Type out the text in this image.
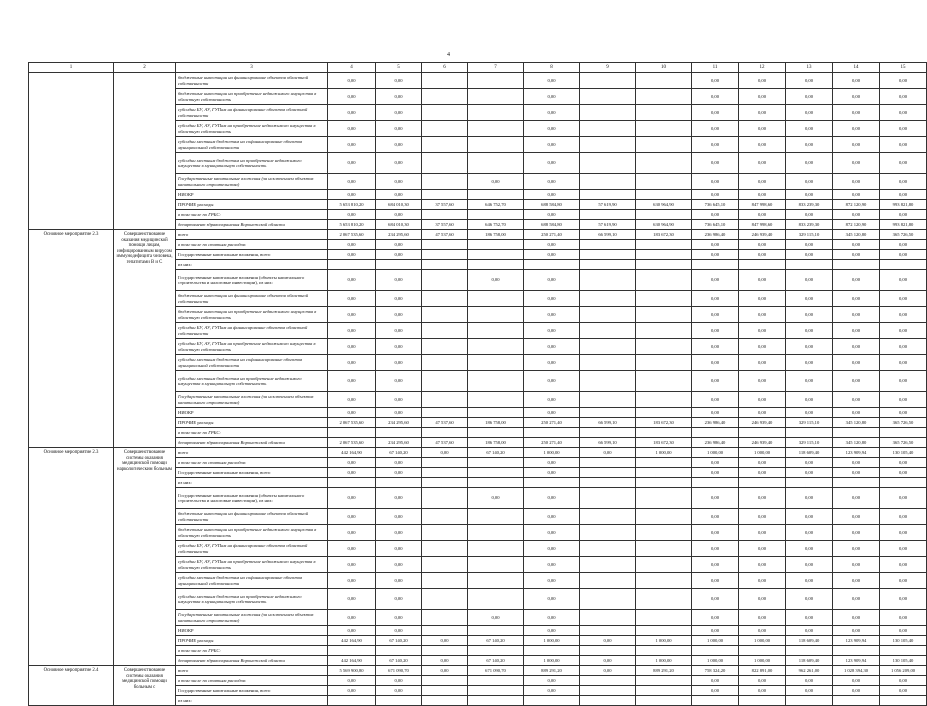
4
1	2	3	4	5	6	7	8	9	10	11	12	13	14	15
		бюджетные инвестиции на финансирование объектов областной собственности	0,00	0,00			0,00			0,00	0,00	0,00	0,00	0,00
		бюджетные инвестиции на приобретение недвижимого имущества в областную собственность	0,00	0,00			0,00			0,00	0,00	0,00	0,00	0,00
		субсидии БУ, АУ, ГУПам на финансирование объектов областной собственности	0,00	0,00			0,00			0,00	0,00	0,00	0,00	0,00
		субсидии БУ, АУ, ГУПам на приобретение недвижимого имущества в областную собственность	0,00	0,00			0,00			0,00	0,00	0,00	0,00	0,00
		субсидии местным бюджетам на софинансирование объектов муниципальной собственности	0,00	0,00			0,00			0,00	0,00	0,00	0,00	0,00
		субсидии местным бюджетам на приобретение недвижимого имущества в муниципальную собственность	0,00	0,00			0,00			0,00	0,00	0,00	0,00	0,00
		Государственные капитальные вложения (за исключением объектов капитального строительства)	0,00	0,00		0,00	0,00			0,00	0,00	0,00	0,00	0,00
		НИОКР	0,00	0,00			0,00			0,00	0,00	0,00	0,00	0,00
		ПРОЧИЕ расходы	5 653 810,20	684 010,30	37 557,60	646 752,70	688 584,80	57 619,90	630 964,90	736 645,10	847 998,60	833 239,30	872 120,90	993 821,80
		в том числе по ГРБС:	0,00	0,00			0,00			0,00	0,00	0,00	0,00	0,00
		департамент здравоохранения Воронежской области	5 653 810,20	684 010,30	37 557,60	646 752,70	688 584,80	57 619,90	630 964,90	736 645,10	847 998,60	833 239,30	872 120,90	993 821,80
Основное мероприятие 2.3	Совершенствование оказания медицинской помощи лицам, инфицированным вирусом иммунодефицита человека, гепатитами В и С	всего	2 067 535,60	234 295,60	47 537,60	186 758,00	250 271,40	66 599,10	183 672,30	236 986,40	246 939,40	329 115,10	345 120,80	365 726,50
		в том числе по статьям расходов:	0,00	0,00			0,00			0,00	0,00	0,00	0,00	0,00
		Государственные капитальные вложения, всего	0,00	0,00			0,00			0,00	0,00	0,00	0,00	0,00
		из них:												
		Государственные капитальные вложения (объекты капитального строительства и налоговые инвестиции), из них:	0,00	0,00		0,00	0,00			0,00	0,00	0,00	0,00	0,00
		бюджетные инвестиции на финансирование объектов областной собственности	0,00	0,00			0,00			0,00	0,00	0,00	0,00	0,00
		бюджетные инвестиции на приобретение недвижимого имущества в областную собственность	0,00	0,00			0,00			0,00	0,00	0,00	0,00	0,00
		субсидии БУ, АУ, ГУПам на финансирование объектов областной собственности	0,00	0,00			0,00			0,00	0,00	0,00	0,00	0,00
		субсидии БУ, АУ, ГУПам на приобретение недвижимого имущества в областную собственность	0,00	0,00			0,00			0,00	0,00	0,00	0,00	0,00
		субсидии местным бюджетам на софинансирование объектов муниципальной собственности	0,00	0,00			0,00			0,00	0,00	0,00	0,00	0,00
		субсидии местным бюджетам на приобретение недвижимого имущества в муниципальную собственность	0,00	0,00			0,00			0,00	0,00	0,00	0,00	0,00
		Государственные капитальные вложения (за исключением объектов капитального строительства)	0,00	0,00			0,00			0,00	0,00	0,00	0,00	0,00
		НИОКР	0,00	0,00			0,00			0,00	0,00	0,00	0,00	0,00
		ПРОЧИЕ расходы	2 067 535,60	234 295,60	47 537,60	186 758,00	250 271,40	66 599,10	183 672,30	236 986,40	246 939,40	329 115,10	345 120,80	365 726,50
		в том числе по ГРБС:												
		департамент здравоохранения Воронежской области	2 067 535,60	234 295,60	47 537,60	186 758,00	250 271,40	66 599,10	183 672,30	236 986,40	246 939,40	329 115,10	345 120,80	365 726,50
Основное мероприятие 2.3	Совершенствование системы оказания медицинской помощи наркологическим больным	всего	442 164,90	67 140,20	0,00	67 140,20	1 000,00	0,00	1 000,00	1 000,00	1 000,00	118 609,40	123 909,94	130 105,40
		в том числе по статьям расходов:	0,00	0,00			0,00			0,00	0,00	0,00	0,00	0,00
		Государственные капитальные вложения, всего	0,00	0,00			0,00			0,00	0,00	0,00	0,00	0,00
		из них:												
		Государственные капитальные вложения (объекты капитального строительства и налоговые инвестиции), из них:	0,00	0,00		0,00	0,00			0,00	0,00	0,00	0,00	0,00
		бюджетные инвестиции на финансирование объектов областной собственности	0,00	0,00			0,00			0,00	0,00	0,00	0,00	0,00
		бюджетные инвестиции на приобретение недвижимого имущества в областную собственность	0,00	0,00			0,00			0,00	0,00	0,00	0,00	0,00
		субсидии БУ, АУ, ГУПам на финансирование объектов областной собственности	0,00	0,00			0,00			0,00	0,00	0,00	0,00	0,00
		субсидии БУ, АУ, ГУПам на приобретение недвижимого имущества в областную собственность	0,00	0,00			0,00			0,00	0,00	0,00	0,00	0,00
		субсидии местным бюджетам на софинансирование объектов муниципальной собственности	0,00	0,00			0,00			0,00	0,00	0,00	0,00	0,00
		субсидии местным бюджетам на приобретение недвижимого имущества в муниципальную собственность	0,00	0,00			0,00			0,00	0,00	0,00	0,00	0,00
		Государственные капитальные вложения (за исключением объектов капитального строительства)	0,00	0,00		0,00	0,00			0,00	0,00	0,00	0,00	0,00
		НИОКР	0,00	0,00			0,00			0,00	0,00	0,00	0,00	0,00
		ПРОЧИЕ расходы	442 164,90	67 140,20	0,00	67 140,20	1 000,00	0,00	1 000,00	1 000,00	1 000,00	118 609,40	123 909,94	130 105,40
		в том числе по ГРБС:												
		департамент здравоохранения Воронежской области	442 164,90	67 140,20	0,00	67 140,20	1 000,00	0,00	1 000,00	1 000,00	1 000,00	118 609,40	123 909,94	130 105,40
Основное мероприятие 2.4	Совершенствование системы оказания медицинской помощи больным с	всего	5 569 900,80	671 090,70	0,00	671 090,70	889 291,20	0,00	889 291,20	758 324,20	822 891,00	962 261,00	1 028 394,30	1 056 209,00
		в том числе по статьям расходов:	0,00	0,00			0,00			0,00	0,00	0,00	0,00	0,00
		Государственные капитальные вложения, всего	0,00	0,00			0,00			0,00	0,00	0,00	0,00	0,00
		из них:												
